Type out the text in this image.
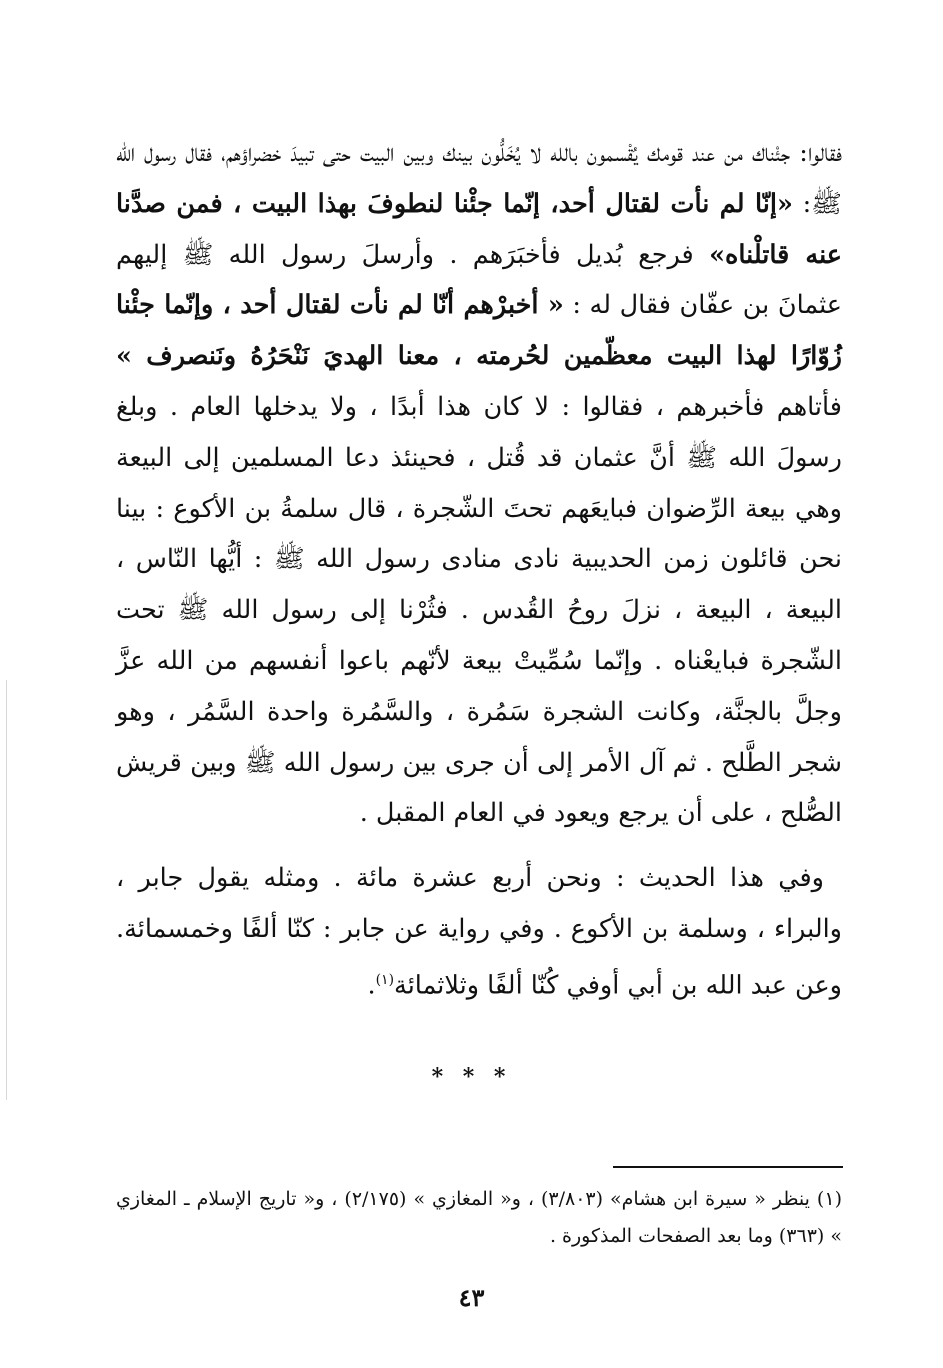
فقالوا: جئْناك من عند قومك يُقْسمون بالله لا يُخَلُّون بينك وبين البيت حتى تبيدَ خضراؤهم، فقال رسول الله ﷺ: «إنّا لم نأت لقتال أحد، إنّما جئْنا لنطوفَ بهذا البيت ، فمن صدَّنا عنه قاتلْناه» فرجع بُديل فأخبَرَهم . وأرسلَ رسول الله ﷺ إليهم عثمانَ بن عفّان فقال له : « أخبرْهم أنّا لم نأت لقتال أحد ، وإنّما جئْنا زُوّارًا لهذا البيت معظّمين لحُرمته ، معنا الهديَ نَنْحَرُهُ ونَنصرف » فأتاهم فأخبرهم ، فقالوا : لا كان هذا أبدًا ، ولا يدخلها العام . وبلغ رسولَ الله ﷺ أنَّ عثمان قد قُتل ، فحينئذ دعا المسلمين إلى البيعة وهي بيعة الرِّضوان فبايعَهم تحتَ الشّجرة ، قال سلمةُ بن الأكوع : بينا نحن قائلون زمن الحديبية نادى منادى رسول الله ﷺ : أيُّها النّاس ، البيعة ، البيعة ، نزلَ روحُ القُدس . فثُرْنا إلى رسول الله ﷺ تحت الشّجرة فبايعْناه . وإنّما سُمِّيتْ بيعة لأنّهم باعوا أنفسهم من الله عزَّ وجلَّ بالجنَّة، وكانت الشجرة سَمُرة ، والسَّمُرة واحدة السَّمُر ، وهو شجر الطَّلح . ثم آل الأمر إلى أن جرى بين رسول الله ﷺ وبين قريش الصُّلح ، على أن يرجع ويعود في العام المقبل .

وفي هذا الحديث : ونحن أربع عشرة مائة . ومثله يقول جابر ، والبراء ، وسلمة بن الأكوع . وفي رواية عن جابر : كنّا ألفًا وخمسمائة. وعن عبد الله بن أبي أوفي كُنّا ألفًا وثلاثمائة$^{(١)}$.

* * *
(١) ينظر « سيرة ابن هشام» (٣/٨٠٣) ، و« المغازي » (٢/١٧٥) ، و« تاريج الإسلام ـ المغازي » (٣٦٣) وما بعد الصفحات المذكورة .
٤٣
